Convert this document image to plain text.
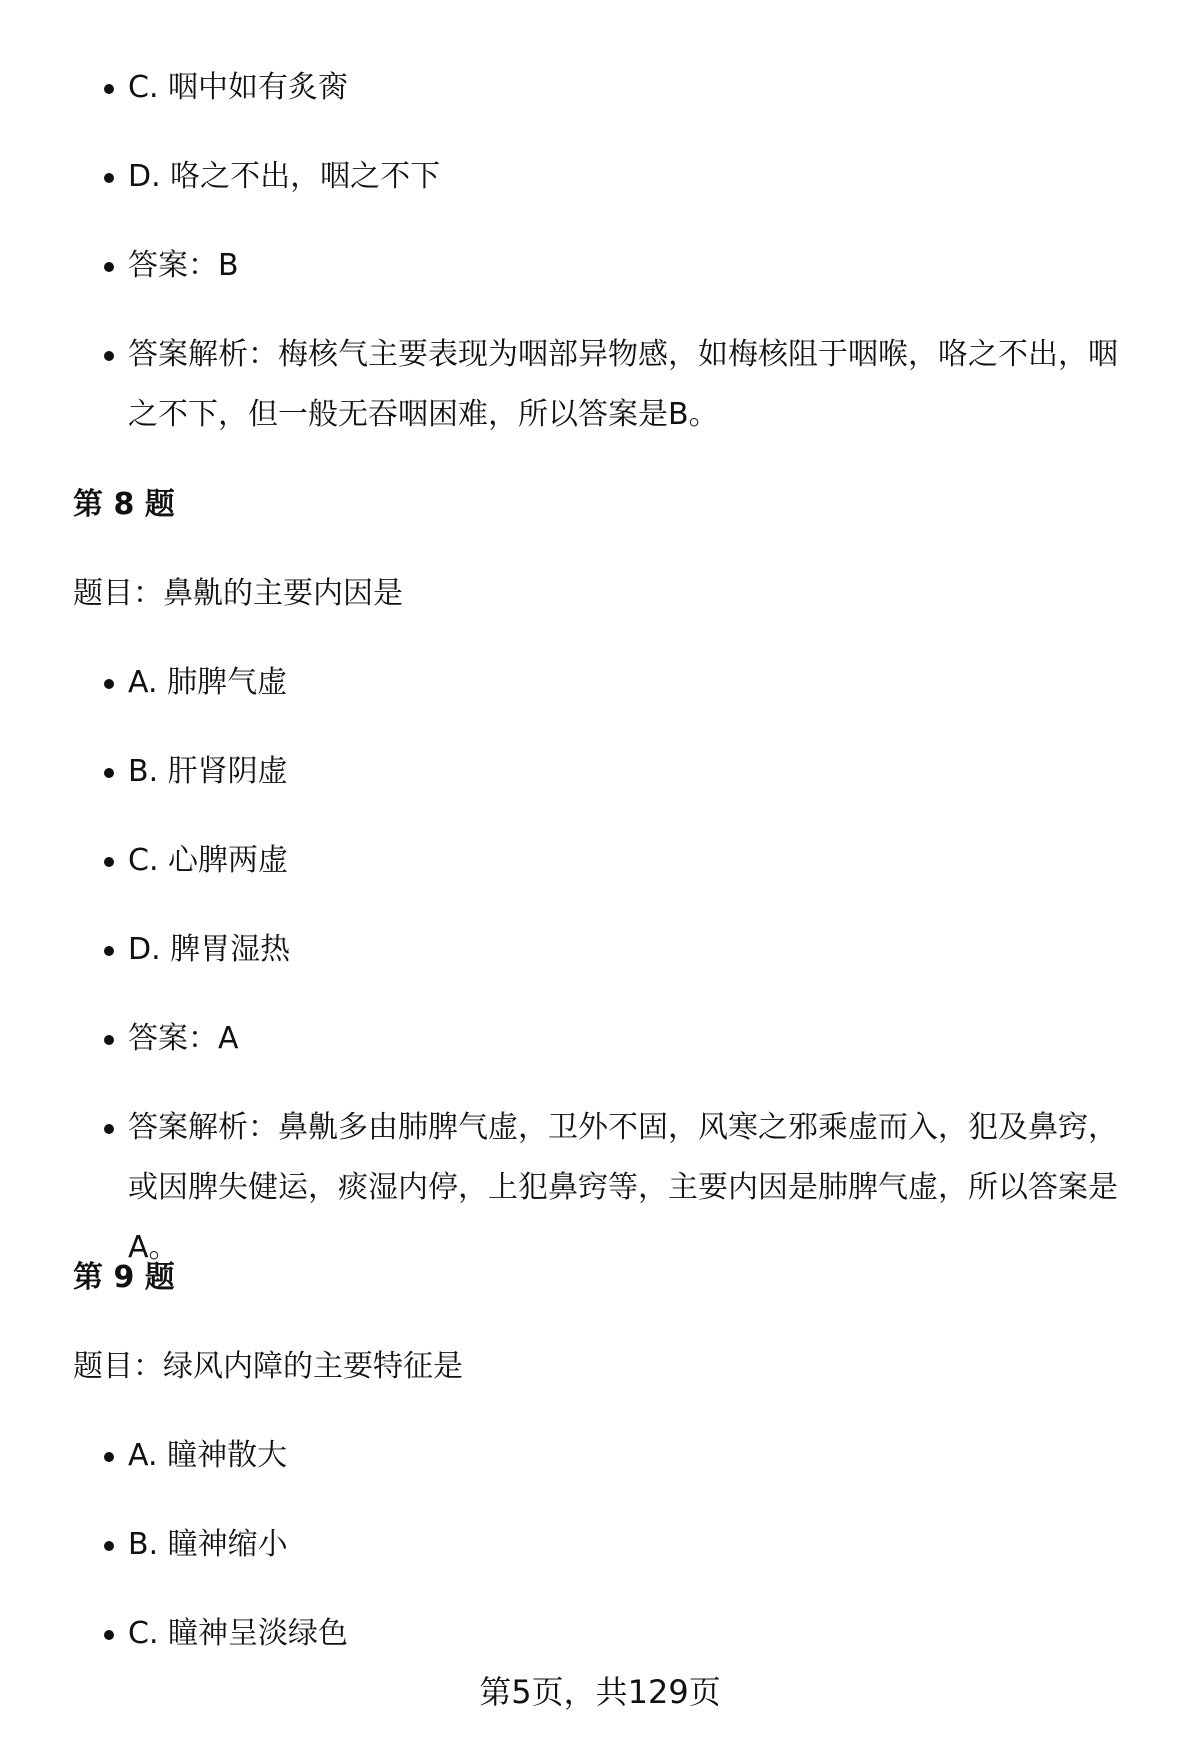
C. 咽中如有炙脔
D. 咯之不出，咽之不下
答案：B
答案解析：梅核气主要表现为咽部异物感，如梅核阻于咽喉，咯之不出，咽之不下，但一般无吞咽困难，所以答案是B。
第 8 题

题目：鼻鼽的主要内因是

A. 肺脾气虚
B. 肝肾阴虚
C. 心脾两虚
D. 脾胃湿热
答案：A
答案解析：鼻鼽多由肺脾气虚，卫外不固，风寒之邪乘虚而入，犯及鼻窍，或因脾失健运，痰湿内停，上犯鼻窍等，主要内因是肺脾气虚，所以答案是A。
第 9 题

题目：绿风内障的主要特征是

A. 瞳神散大
B. 瞳神缩小
C. 瞳神呈淡绿色
第5页，共129页
